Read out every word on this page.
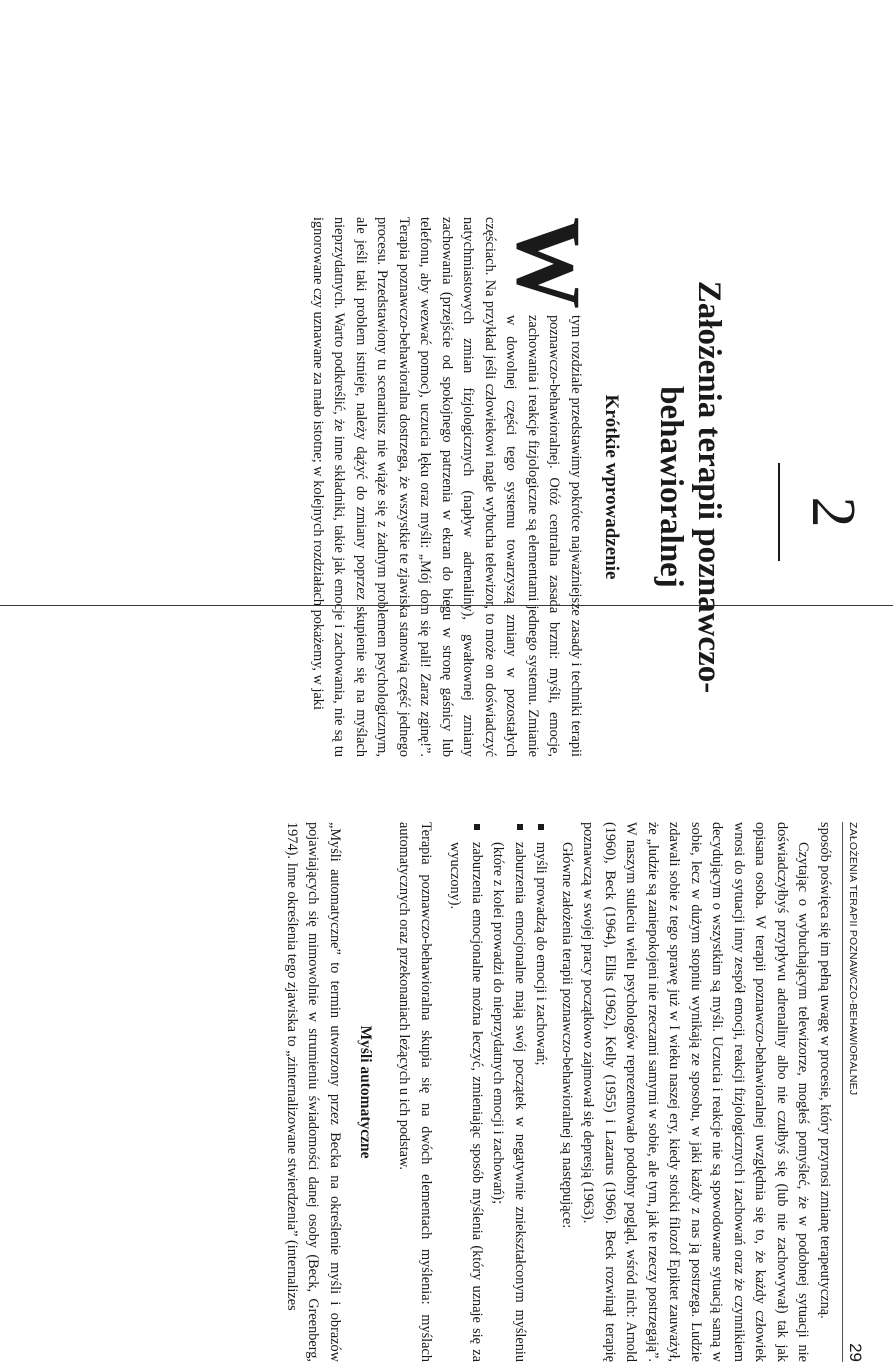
2
Założenia terapii poznawczo-behawioralnej
Krótkie wprowadzenie

W
tym rozdziale przedstawimy pokrótce najważniejsze zasady i techniki terapii poznawczo-behawioralnej. Otóż centralna zasada brzmi: myśli, emocje, zachowania i reakcje fizjologiczne są elementami jednego systemu. Zmianie w dowolnej części tego systemu towarzyszą zmiany w pozostałych częściach. Na przykład jeśli człowiekowi nagle wybucha telewizor, to może on doświadczyć natychmiastowych zmian fizjologicznych (napływ adrenaliny), gwałtownej zmiany zachowania (przejście od spokojnego patrzenia w ekran do biegu w stronę gaśnicy lub telefonu, aby wezwać pomoc), uczucia lęku oraz myśli: „Mój dom się pali! Zaraz zginę!”. Terapia poznawczo-behawioralna dostrzega, że wszystkie te zjawiska stanowią część jednego procesu. Przedstawiony tu scenariusz nie wiąże się z żadnym problemem psychologicznym, ale jeśli taki problem istnieje, należy dążyć do zmiany poprzez skupienie się na myślach nieprzydatnych. Warto podkreślić, że inne składniki, takie jak emocje i zachowania, nie są tu ignorowane czy uznawane za mało istotne; w kolejnych rozdziałach pokażemy, w jaki

ZAŁOŻENIA TERAPII POZNAWCZO-BEHAWIORALNEJ
29

sposób poświęca się im pełną uwagę w procesie, który przynosi zmianę terapeutyczną.

Czytając o wybuchającym telewizorze, mogłeś pomyśleć, że w podobnej sytuacji nie doświadczyłbyś przypływu adrenaliny albo nie czułbyś się (lub nie zachowywał) tak jak opisana osoba. W terapii poznawczo-behawioralnej uwzględnia się to, że każdy człowiek wnosi do sytuacji inny zespół emocji, reakcji fizjologicznych i zachowań oraz że czynnikiem decydującym o wszystkim są myśli. Uczucia i reakcje nie są spowodowane sytuacją samą w sobie, lecz w dużym stopniu wynikają ze sposobu, w jaki każdy z nas ją postrzega. Ludzie zdawali sobie z tego sprawę już w I wieku naszej ery, kiedy stoicki filozof Epiktet zauważył, że „ludzie są zaniepokojeni nie rzeczami samymi w sobie, ale tym, jak te rzeczy postrzegają”. W naszym stuleciu wielu psychologów reprezentowało podobny pogląd, wśród nich: Arnold (1960), Beck (1964), Ellis (1962), Kelly (1955) i Lazarus (1966). Beck rozwinął terapię poznawczą w swojej pracy początkowo zajmował się depresją (1963).

Główne założenia terapii poznawczo-behawioralnej są następujące:

myśli prowadzą do emocji i zachowań;
zaburzenia emocjonalne mają swój początek w negatywnie zniekształconym myśleniu (które z kolei prowadzi do nieprzydatnych emocji i zachowań);
zaburzenia emocjonalne można leczyć, zmieniając sposób myślenia (który uznaje się za wyuczony).

Terapia poznawczo-behawioralna skupia się na dwóch elementach myślenia: myślach automatycznych oraz przekonaniach leżących u ich podstaw.

Myśli automatyczne

„Myśli automatyczne” to termin utworzony przez Becka na określenie myśli i obrazów pojawiających się mimowolnie w strumieniu świadomości danej osoby (Beck, Greenberg, 1974). Inne określenia tego zjawiska to „zinternalizowane stwierdzenia” (internalizes
